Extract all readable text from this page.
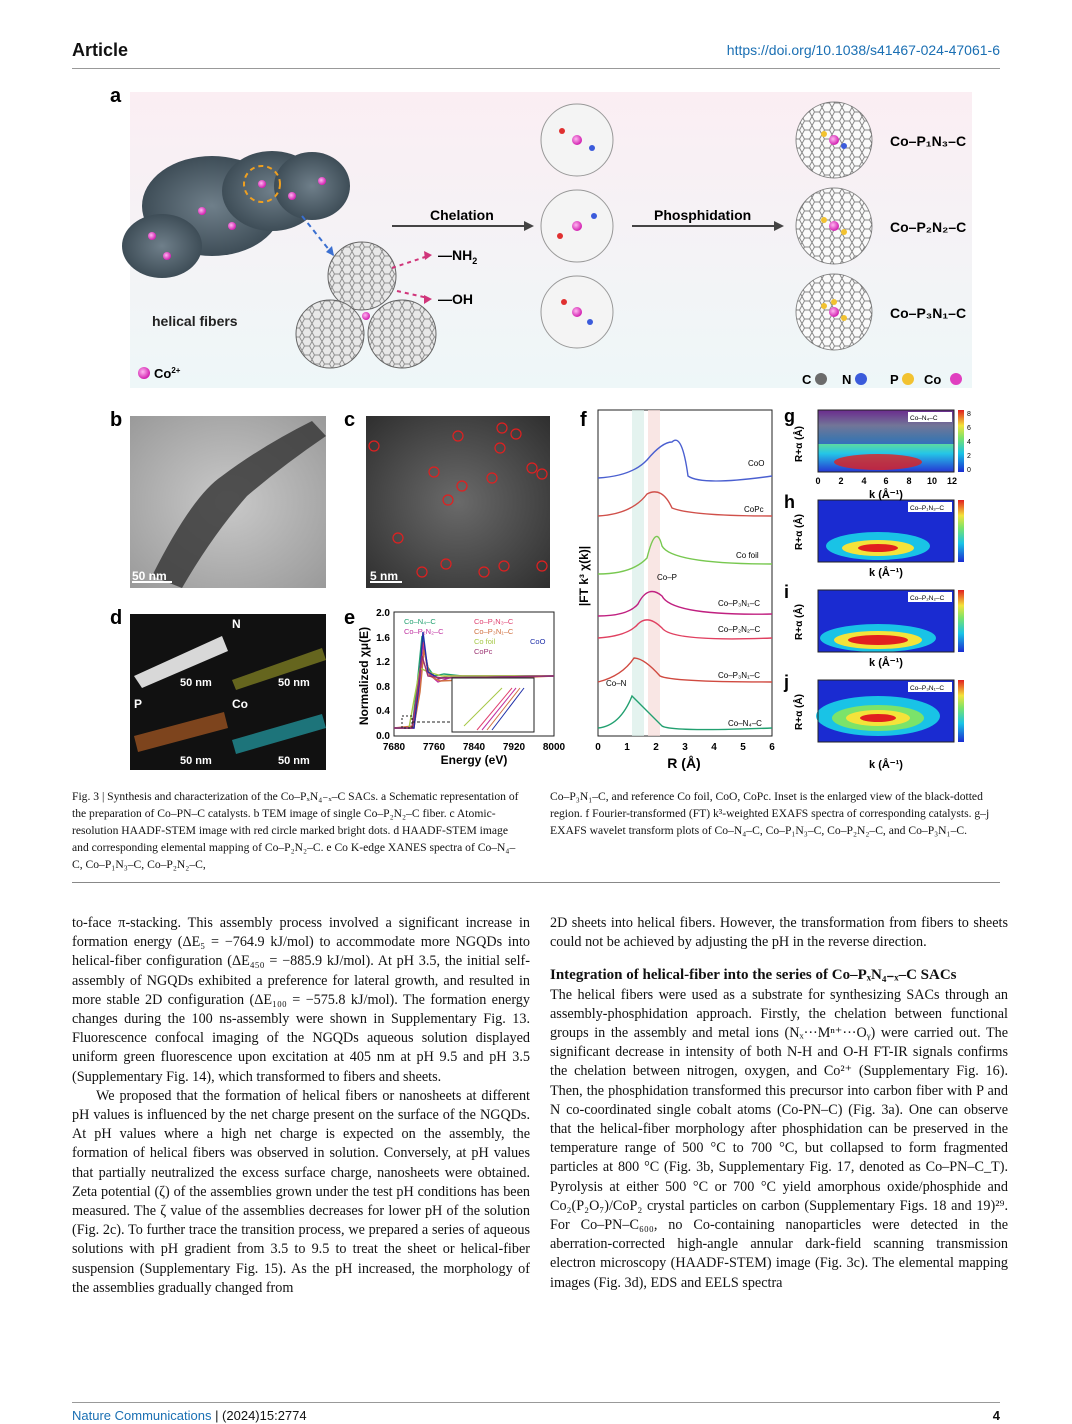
Article	https://doi.org/10.1038/s41467-024-47061-6
a
helical fibers
$—NH_2$
—OH
Chelation	Phosphidation
Co–P₁N₃–C
Co–P₂N₂–C
Co–P₃N₁–C
$Co^{2+}$
C N	P Co
b
50 nm
c
5 nm
d	N
P	Co
50 nm	50 nm
50 nm	50 nm
e	Co–N₄–C	Co–P₁N₃–C
Co–P₂N₂–C	Co–P₃N₁–C
Co foil	CoO
CoPc
2.0
1.6
1.2
0.8
0.4
0.0
7680 7760 7840 7920 8000
Energy (eV)
Normalized χμ(E)
f
CoO
CoPc
Co foil
Co–P₃N₁–C
Co–P₂N₂–C
Co–P₃N₁–C
Co–N₄–C
Co–P
Co–N
0 1 2 3 4 5 6
R (Å)
|FT k³ χ(k)|
g	Co–N₄–C
h	Co–P₁N₃–C
i	Co–P₂N₂–C
j	Co–P₃N₁–C
0 2 4 6 8 10 12
k (Å⁻¹)
k (Å⁻¹)
k (Å⁻¹)
k (Å⁻¹)
R+α (Å)
R+α (Å)
R+α (Å)
R+α (Å)
8
6
4
2
0
Fig. 3 | Synthesis and characterization of the Co–PₓN₄₋ₓ–C SACs. a Schematic representation of the preparation of Co–PN–C catalysts. b TEM image of single Co–P₂N₂–C fiber. c Atomic-resolution HAADF-STEM image with red circle marked bright dots. d HAADF-STEM image and corresponding elemental mapping of Co–P₂N₂–C. e Co K-edge XANES spectra of Co–N₄–C, Co–P₁N₃–C, Co–P₂N₂–C,
Co–P₃N₁–C, and reference Co foil, CoO, CoPc. Inset is the enlarged view of the black-dotted region. f Fourier-transformed (FT) k³-weighted EXAFS spectra of corresponding catalysts. g–j EXAFS wavelet transform plots of Co–N₄–C, Co–P₁N₃–C, Co–P₂N₂–C, and Co–P₃N₁–C.

to-face π-stacking. This assembly process involved a significant increase in formation energy (ΔE₅ = −764.9 kJ/mol) to accommodate more NGQDs into helical-fiber configuration (ΔE₄₅₀ = −885.9 kJ/mol). At pH 3.5, the initial self-assembly of NGQDs exhibited a preference for lateral growth, and resulted in more stable 2D configuration (ΔE₁₀₀ = −575.8 kJ/mol). The formation energy changes during the 100 ns-assembly were shown in Supplementary Fig. 13. Fluorescence confocal imaging of the NGQDs aqueous solution displayed uniform green fluorescence upon excitation at 405 nm at pH 9.5 and pH 3.5 (Supplementary Fig. 14), which transformed to fibers and sheets.

We proposed that the formation of helical fibers or nanosheets at different pH values is influenced by the net charge present on the surface of the NGQDs. At pH values where a high net charge is expected on the assembly, the formation of helical fibers was observed in solution. Conversely, at pH values that partially neutralized the excess surface charge, nanosheets were obtained. Zeta potential (ζ) of the assemblies grown under the test pH conditions has been measured. The ζ value of the assemblies decreases for lower pH of the solution (Fig. 2c). To further trace the transition process, we prepared a series of aqueous solutions with pH gradient from 3.5 to 9.5 to treat the sheet or helical-fiber suspension (Supplementary Fig. 15). As the pH increased, the morphology of the assemblies gradually changed from

2D sheets into helical fibers. However, the transformation from fibers to sheets could not be achieved by adjusting the pH in the reverse direction.

Integration of helical-fiber into the series of Co–PₓN₄₋ₓ–C SACs

The helical fibers were used as a substrate for synthesizing SACs through an assembly-phosphidation approach. Firstly, the chelation between functional groups in the assembly and metal ions (Nₓ···Mⁿ⁺···Oᵧ) were carried out. The significant decrease in intensity of both N-H and O-H FT-IR signals confirms the chelation between nitrogen, oxygen, and Co²⁺ (Supplementary Fig. 16). Then, the phosphidation transformed this precursor into carbon fiber with P and N co-coordinated single cobalt atoms (Co-PN–C) (Fig. 3a). One can observe that the helical-fiber morphology after phosphidation can be preserved in the temperature range of 500 °C to 700 °C, but collapsed to form fragmented particles at 800 °C (Fig. 3b, Supplementary Fig. 17, denoted as Co–PN–C_T). Pyrolysis at either 500 °C or 700 °C yield amorphous oxide/phosphide and Co₂(P₂O₇)/CoP₂ crystal particles on carbon (Supplementary Figs. 18 and 19)²⁹. For Co–PN–C₆₀₀, no Co-containing nanoparticles were detected in the aberration-corrected high-angle annular dark-field scanning transmission electron microscopy (HAADF-STEM) image (Fig. 3c). The elemental mapping images (Fig. 3d), EDS and EELS spectra

Nature Communications | (2024)15:2774	4
